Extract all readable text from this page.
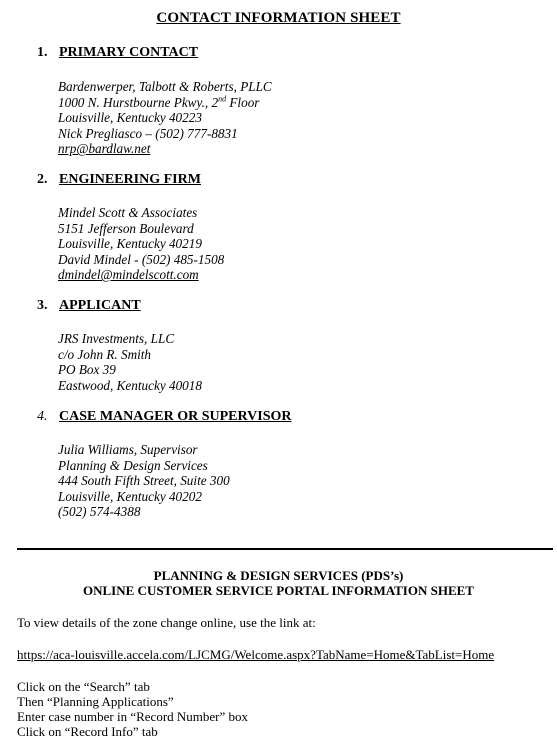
CONTACT INFORMATION SHEET
1. PRIMARY CONTACT
Bardenwerper, Talbott & Roberts, PLLC
1000 N. Hurstbourne Pkwy., 2nd Floor
Louisville, Kentucky 40223
Nick Pregliasco – (502) 777-8831
nrp@bardlaw.net
2. ENGINEERING FIRM
Mindel Scott & Associates
5151 Jefferson Boulevard
Louisville, Kentucky 40219
David Mindel - (502) 485-1508
dmindel@mindelscott.com
3. APPLICANT
JRS Investments, LLC
c/o John R. Smith
PO Box 39
Eastwood, Kentucky 40018
4. CASE MANAGER OR SUPERVISOR
Julia Williams, Supervisor
Planning & Design Services
444 South Fifth Street, Suite 300
Louisville, Kentucky 40202
(502) 574-4388
PLANNING & DESIGN SERVICES (PDS’s)
ONLINE CUSTOMER SERVICE PORTAL INFORMATION SHEET
To view details of the zone change online, use the link at:
https://aca-louisville.accela.com/LJCMG/Welcome.aspx?TabName=Home&TabList=Home
Click on the “Search” tab
Then “Planning Applications”
Enter case number in “Record Number” box
Click on “Record Info” tab
